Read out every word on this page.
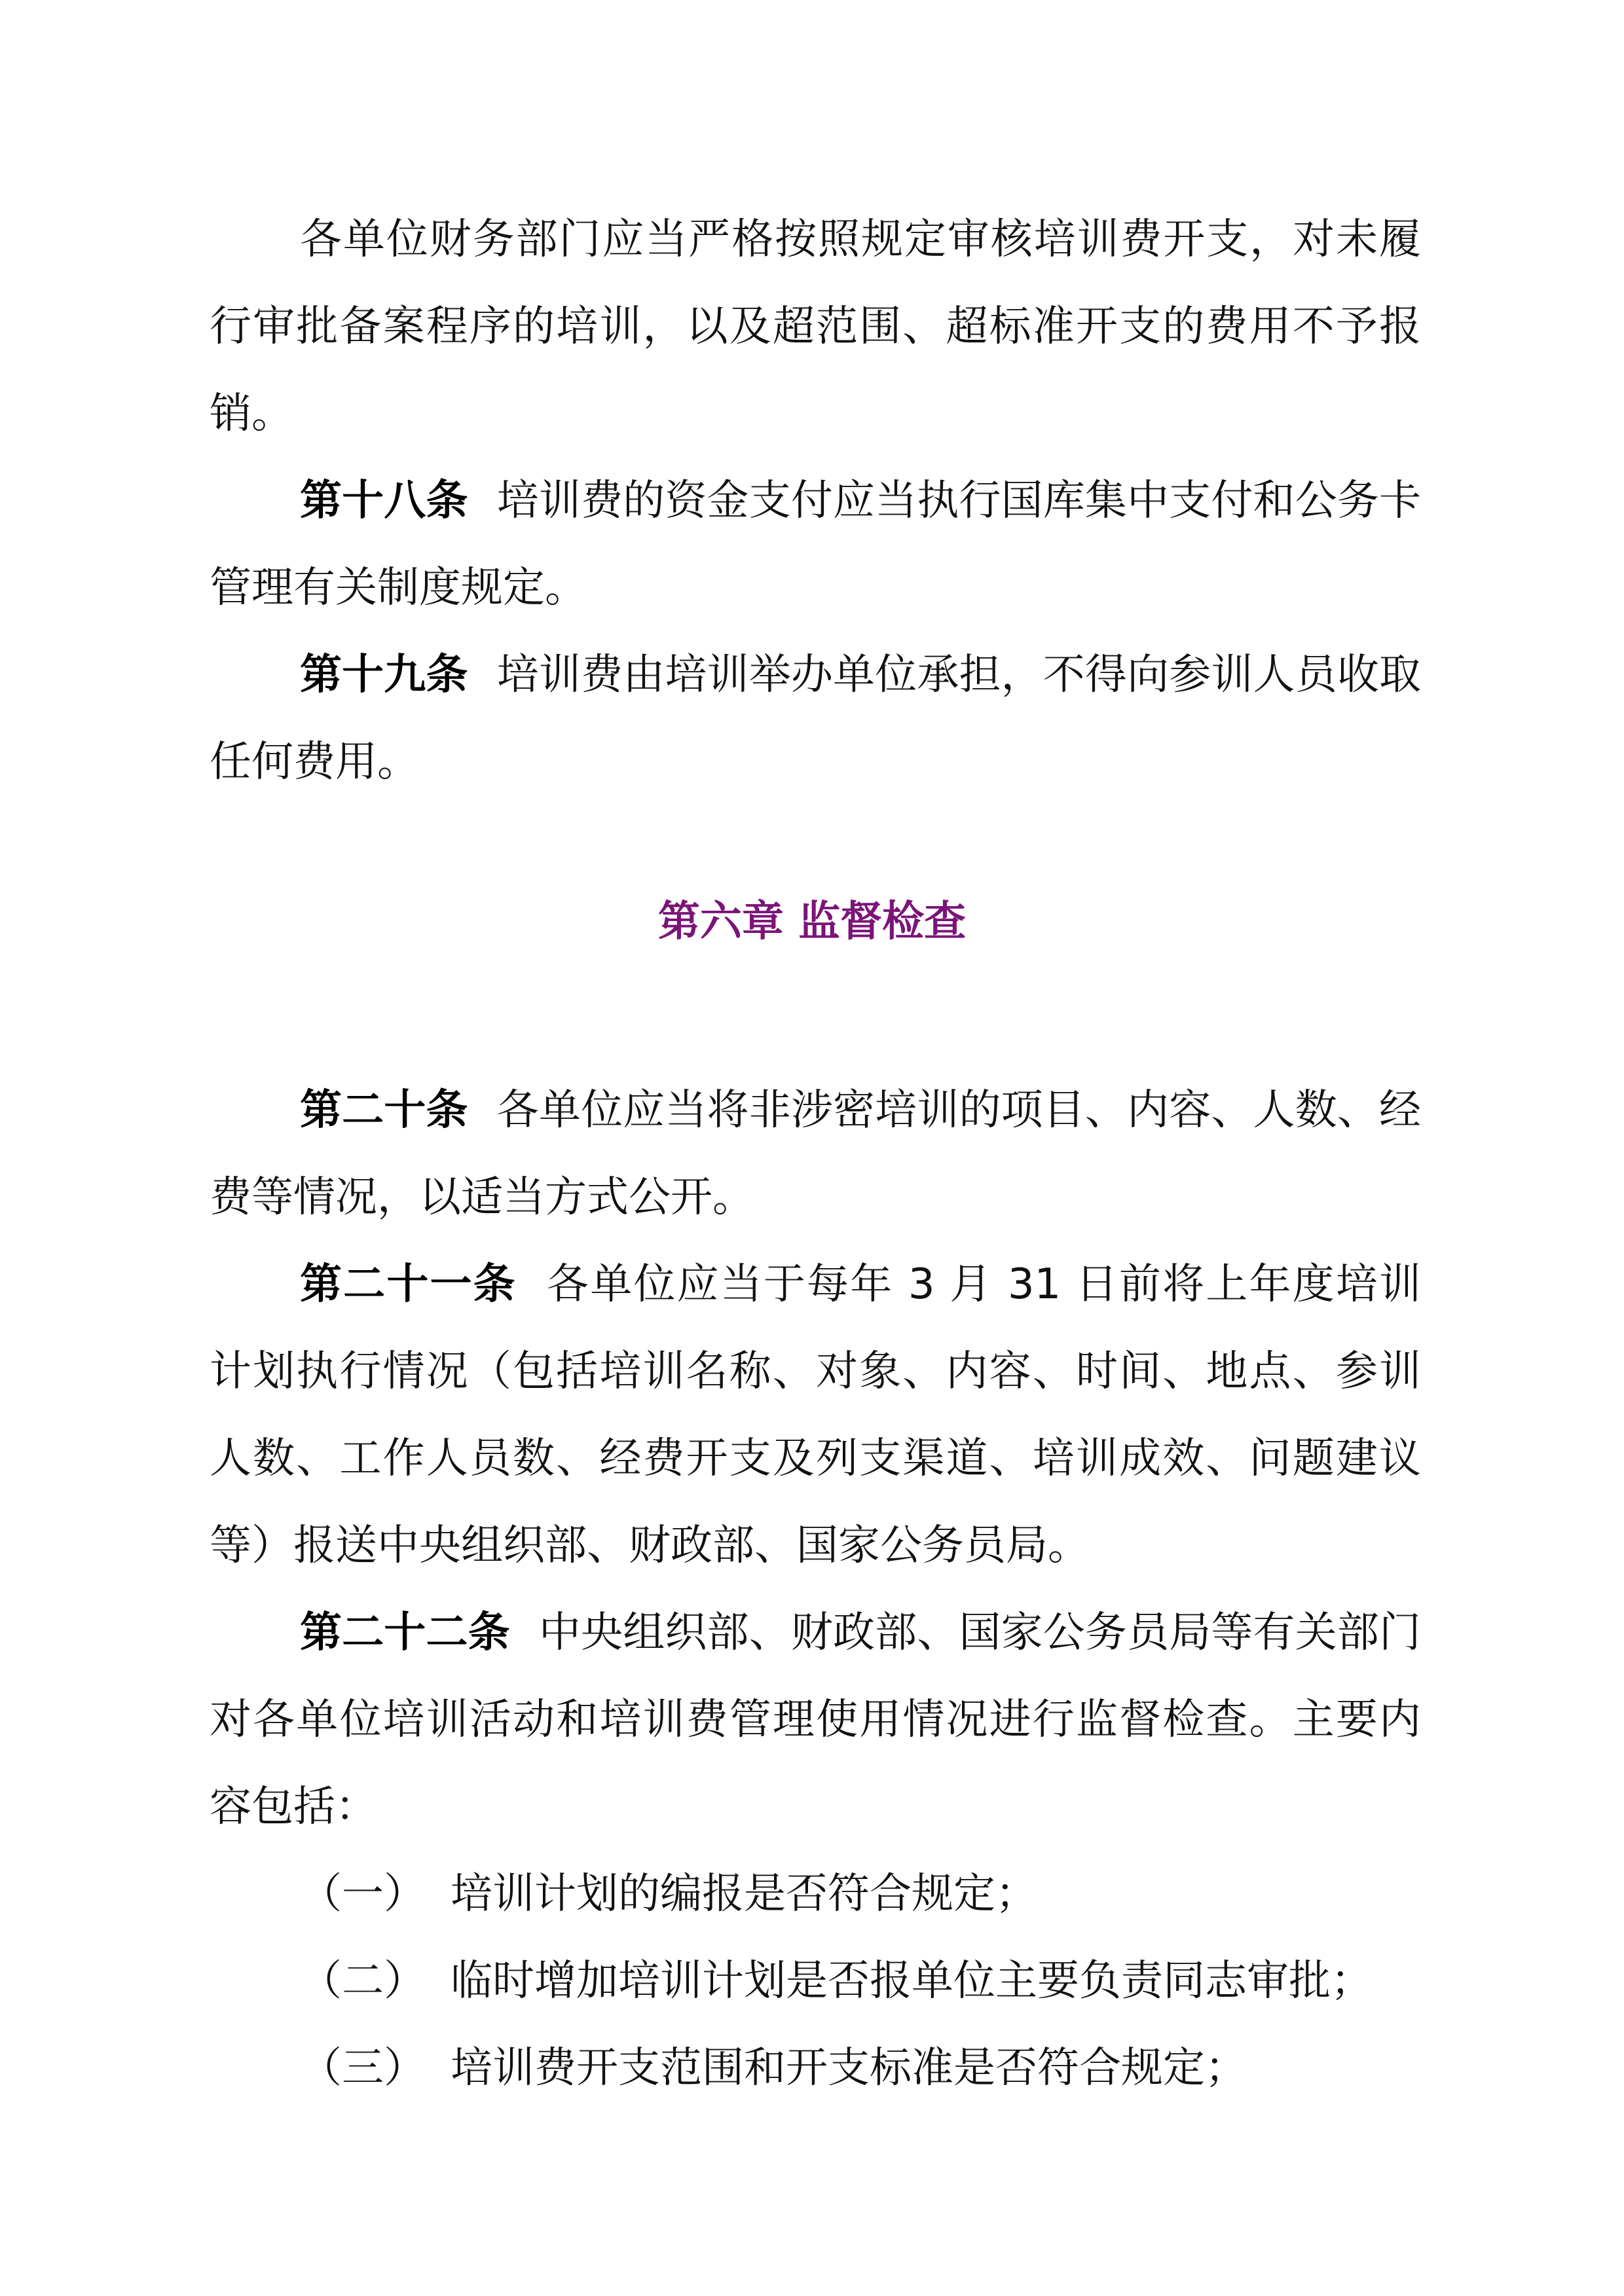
各单位财务部门应当严格按照规定审核培训费开支，对未履行审批备案程序的培训，以及超范围、超标准开支的费用不予报销。

第十八条 培训费的资金支付应当执行国库集中支付和公务卡管理有关制度规定。

第十九条 培训费由培训举办单位承担，不得向参训人员收取任何费用。

第六章 监督检查

第二十条 各单位应当将非涉密培训的项目、内容、人数、经费等情况，以适当方式公开。

第二十一条 各单位应当于每年 3 月 31 日前将上年度培训计划执行情况（包括培训名称、对象、内容、时间、地点、参训人数、工作人员数、经费开支及列支渠道、培训成效、问题建议等）报送中央组织部、财政部、国家公务员局。

第二十二条 中央组织部、财政部、国家公务员局等有关部门对各单位培训活动和培训费管理使用情况进行监督检查。主要内容包括：

（一） 培训计划的编报是否符合规定；
（二） 临时增加培训计划是否报单位主要负责同志审批；
（三） 培训费开支范围和开支标准是否符合规定；
